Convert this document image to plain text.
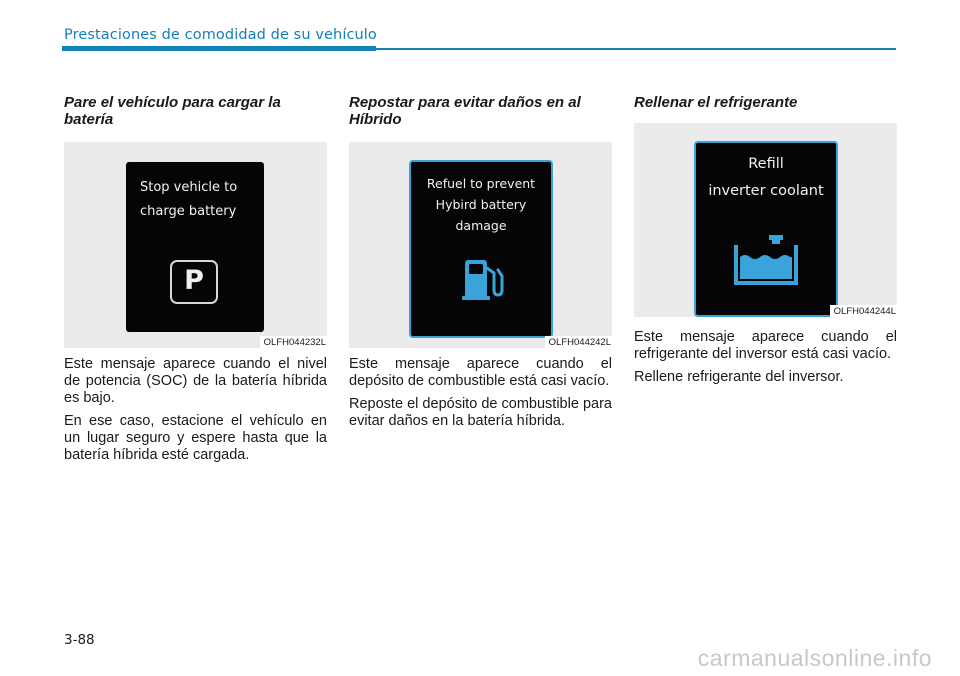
Prestaciones de comodidad de su vehículo
Pare el vehículo para cargar la batería
Stop vehicle to
charge battery
P
OLFH044232L

Este mensaje aparece cuando el nivel de potencia (SOC) de la batería híbrida es bajo.

En ese caso, estacione el vehículo en un lugar seguro y espere hasta que la batería híbrida esté cargada.

Repostar para evitar daños en al Híbrido
Refuel to prevent
Hybird battery
damage
OLFH044242L

Este mensaje aparece cuando el depósito de combustible está casi vacío.

Reposte el depósito de combustible para evitar daños en la batería híbrida.

Rellenar el refrigerante
Refill
inverter coolant
OLFH044244L

Este mensaje aparece cuando el refrigerante del inversor está casi vacío.

Rellene refrigerante del inversor.

3-88
carmanualsonline.info
